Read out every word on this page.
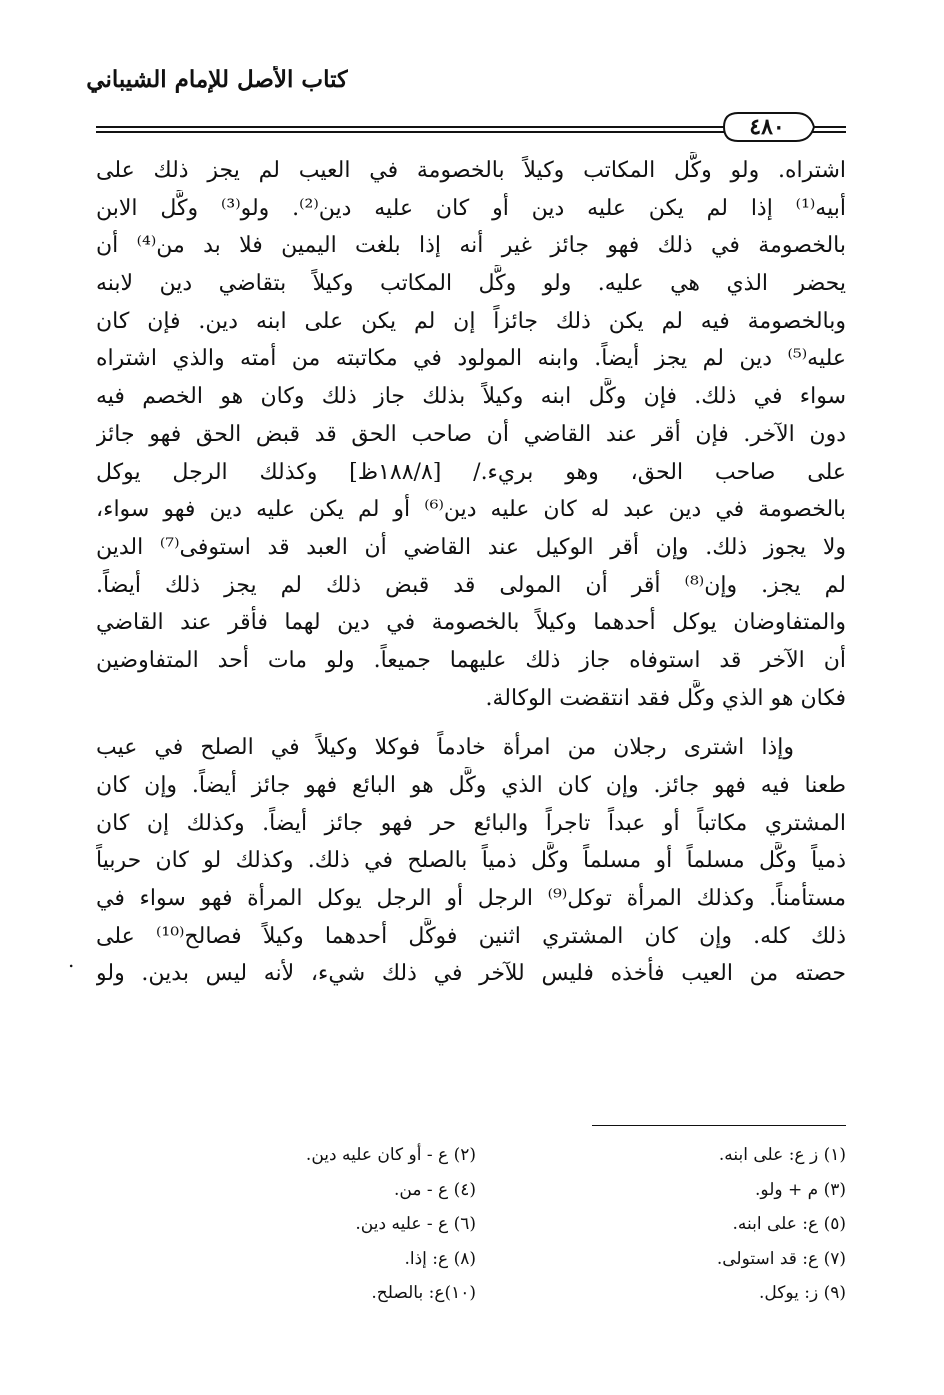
كتاب الأصل للإمام الشيباني
٤٨٠
اشتراه. ولو وكَّل المكاتب وكيلاً بالخصومة في العيب لم يجز ذلك على
أبيه⁽¹⁾ إذا لم يكن عليه دين أو كان عليه دين⁽²⁾. ولو⁽³⁾ وكَّل الابن
بالخصومة في ذلك فهو جائز غير أنه إذا بلغت اليمين فلا بد من⁽⁴⁾ أن
يحضر الذي هي عليه. ولو وكَّل المكاتب وكيلاً بتقاضي دين لابنه
وبالخصومة فيه لم يكن ذلك جائزاً إن لم يكن على ابنه دين. فإن كان
عليه⁽⁵⁾ دين لم يجز أيضاً. وابنه المولود في مكاتبته من أمته والذي اشتراه
سواء في ذلك. فإن وكَّل ابنه وكيلاً بذلك جاز ذلك وكان هو الخصم فيه
دون الآخر. فإن أقر عند القاضي أن صاحب الحق قد قبض الحق فهو جائز
على صاحب الحق، وهو بريء./ [١٨٨/٨ظ] وكذلك الرجل يوكل
بالخصومة في دين عبد له كان عليه دين⁽⁶⁾ أو لم يكن عليه دين فهو سواء،
ولا يجوز ذلك. وإن أقر الوكيل عند القاضي أن العبد قد استوفى⁽⁷⁾ الدين
لم يجز. وإن⁽⁸⁾ أقر أن المولى قد قبض ذلك لم يجز ذلك أيضاً.
والمتفاوضان يوكل أحدهما وكيلاً بالخصومة في دين لهما فأقر عند القاضي
أن الآخر قد استوفاه جاز ذلك عليهما جميعاً. ولو مات أحد المتفاوضين
فكان هو الذي وكَّل فقد انتقضت الوكالة.
وإذا اشترى رجلان من امرأة خادماً فوكلا وكيلاً في الصلح في عيب
طعنا فيه فهو جائز. وإن كان الذي وكَّل هو البائع فهو جائز أيضاً. وإن كان
المشتري مكاتباً أو عبداً تاجراً والبائع حر فهو جائز أيضاً. وكذلك إن كان
ذمياً وكَّل مسلماً أو مسلماً وكَّل ذمياً بالصلح في ذلك. وكذلك لو كان حربياً
مستأمناً. وكذلك المرأة توكل⁽⁹⁾ الرجل أو الرجل يوكل المرأة فهو سواء في
ذلك كله. وإن كان المشتري اثنين فوكَّل أحدهما وكيلاً فصالح⁽¹⁰⁾ على
حصته من العيب فأخذه فليس للآخر في ذلك شيء، لأنه ليس بدين. ولو
.
(١) ز ع: على ابنه.
(٢) ع - أو كان عليه دين.
(٣) م + ولو.
(٤) ع - من.
(٥) ع: على ابنه.
(٦) ع - عليه دين.
(٧) ع: قد استولى.
(٨) ع: إذا.
(٩) ز: يوكل.
(١٠)ع: بالصلح.
